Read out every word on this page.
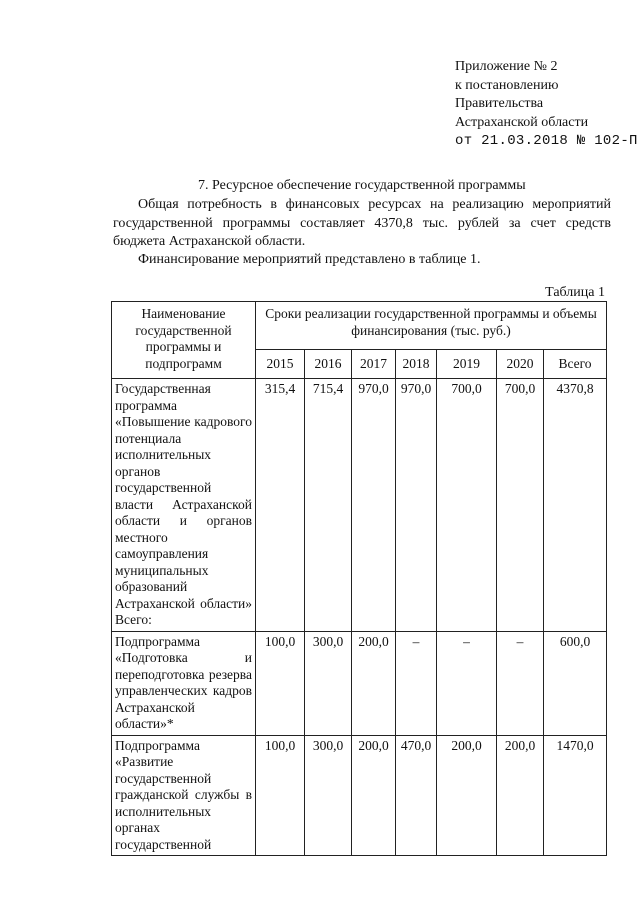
Приложение № 2
к постановлению
Правительства
Астраханской области
от 21.03.2018 № 102-П
7. Ресурсное обеспечение государственной программы
Общая потребность в финансовых ресурсах на реализацию мероприятий государственной программы составляет 4370,8 тыс. рублей за счет средств бюджета Астраханской области.
Финансирование мероприятий представлено в таблице 1.
Таблица 1
Наименование государственной программы и подпрограмм	Сроки реализации государственной программы и объемы финансирования (тыс. руб.)						
	2015	2016	2017	2018	2019	2020	Всего
Государственная программа «Повышение кадрового потенциала исполнительных органов государственной власти Астраханской области и органов местного самоуправления муниципальных образований Астраханской области» Всего:	315,4	715,4	970,0	970,0	700,0	700,0	4370,8
Подпрограмма «Подготовка и переподготовка резерва управленческих кадров Астраханской области»*	100,0	300,0	200,0	–	–	–	600,0
Подпрограмма «Развитие государственной гражданской службы в исполнительных органах государственной	100,0	300,0	200,0	470,0	200,0	200,0	1470,0
